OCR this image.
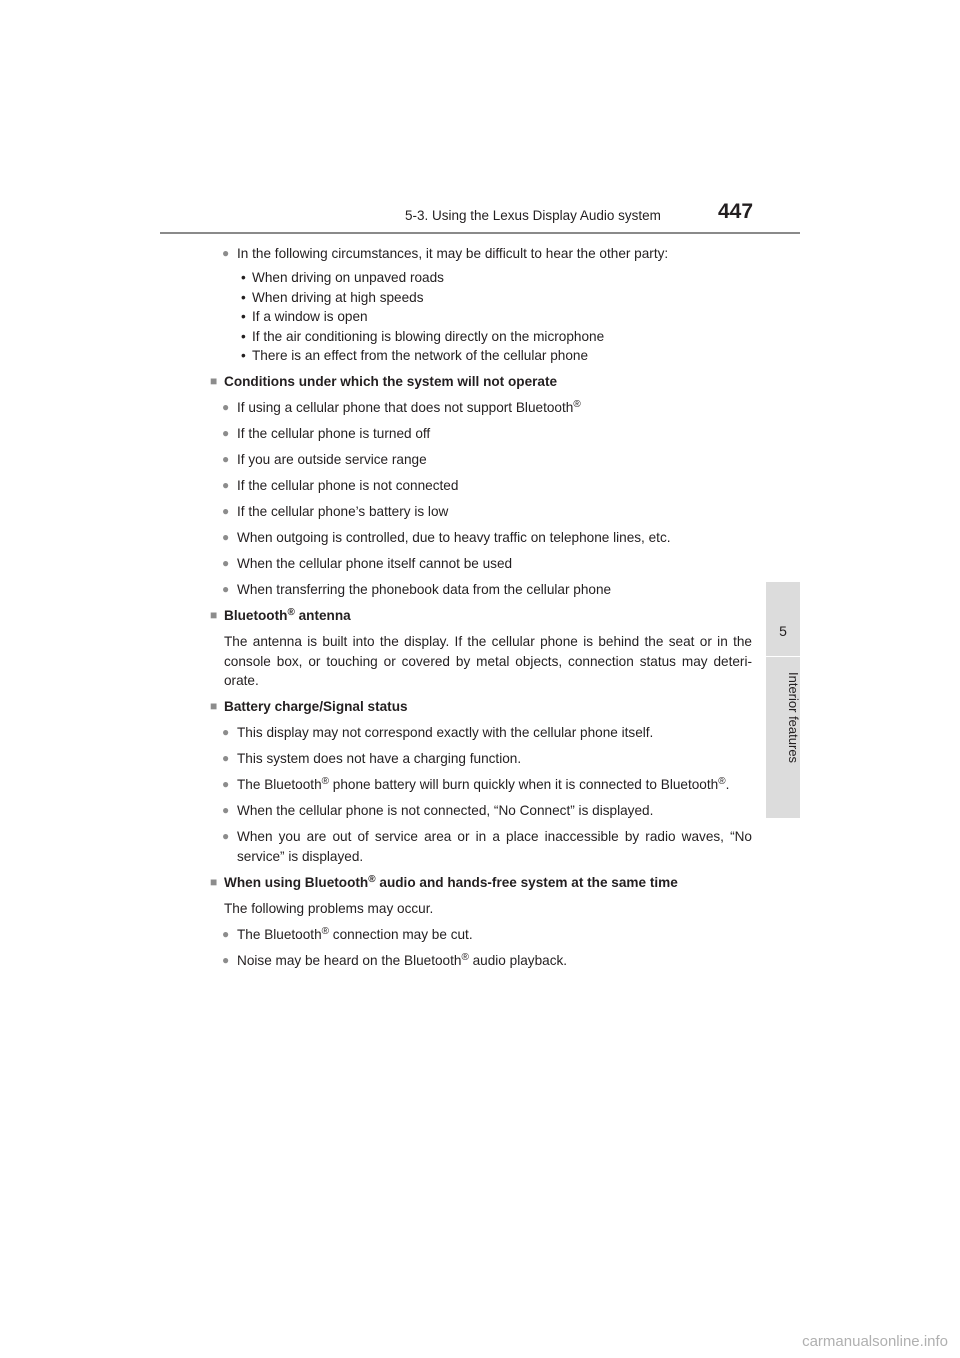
5-3. Using the Lexus Display Audio system	447
5
Interior features
● In the following circumstances, it may be difficult to hear the other party:
• When driving on unpaved roads
• When driving at high speeds
• If a window is open
• If the air conditioning is blowing directly on the microphone
• There is an effect from the network of the cellular phone
■ Conditions under which the system will not operate
● If using a cellular phone that does not support Bluetooth®
● If the cellular phone is turned off
● If you are outside service range
● If the cellular phone is not connected
● If the cellular phone’s battery is low
● When outgoing is controlled, due to heavy traffic on telephone lines, etc.
● When the cellular phone itself cannot be used
● When transferring the phonebook data from the cellular phone
■ Bluetooth® antenna
The antenna is built into the display. If the cellular phone is behind the seat or in the console box, or touching or covered by metal objects, connection status may deteri-orate.
■ Battery charge/Signal status
● This display may not correspond exactly with the cellular phone itself.
● This system does not have a charging function.
● The Bluetooth® phone battery will burn quickly when it is connected to Bluetooth®.
● When the cellular phone is not connected, “No Connect” is displayed.
● When you are out of service area or in a place inaccessible by radio waves, “No service” is displayed.
■ When using Bluetooth® audio and hands-free system at the same time
The following problems may occur.
● The Bluetooth® connection may be cut.
● Noise may be heard on the Bluetooth® audio playback.
carmanualsonline.info
